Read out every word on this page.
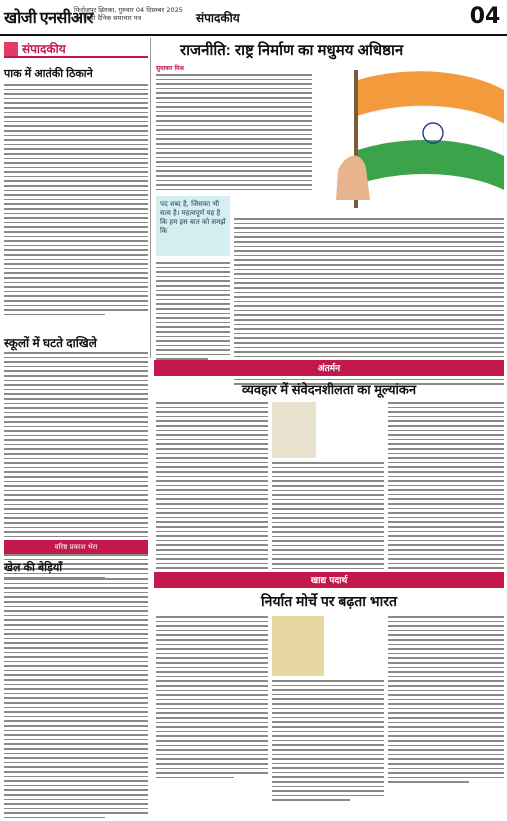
खोजी एनसीआर
फिरोजपुर झिरका, गुरुवार 04 दिसम्बर 2025
नूंह हिन्दी दैनिक समाचार पत्र	संपादकीय	04
संपादकीय
पाक में आतंकी ठिकाने
स्कूलों में घटते दाखिले
वरिष्ठ प्रकाश भेरा
खेल की बेड़ियाँ
राजनीति: राष्ट्र निर्माण का मधुमय अधिष्ठान
सुधाकर मिश्र
पद शब्द है, जिसका भी सत्य है। महत्वपूर्ण यह है कि हम इस बात को समझें कि
अंतर्मन
व्यवहार में संवेदनशीलता का मूल्यांकन
खाद्य पदार्थ
निर्यात मोर्चे पर बढ़ता भारत
